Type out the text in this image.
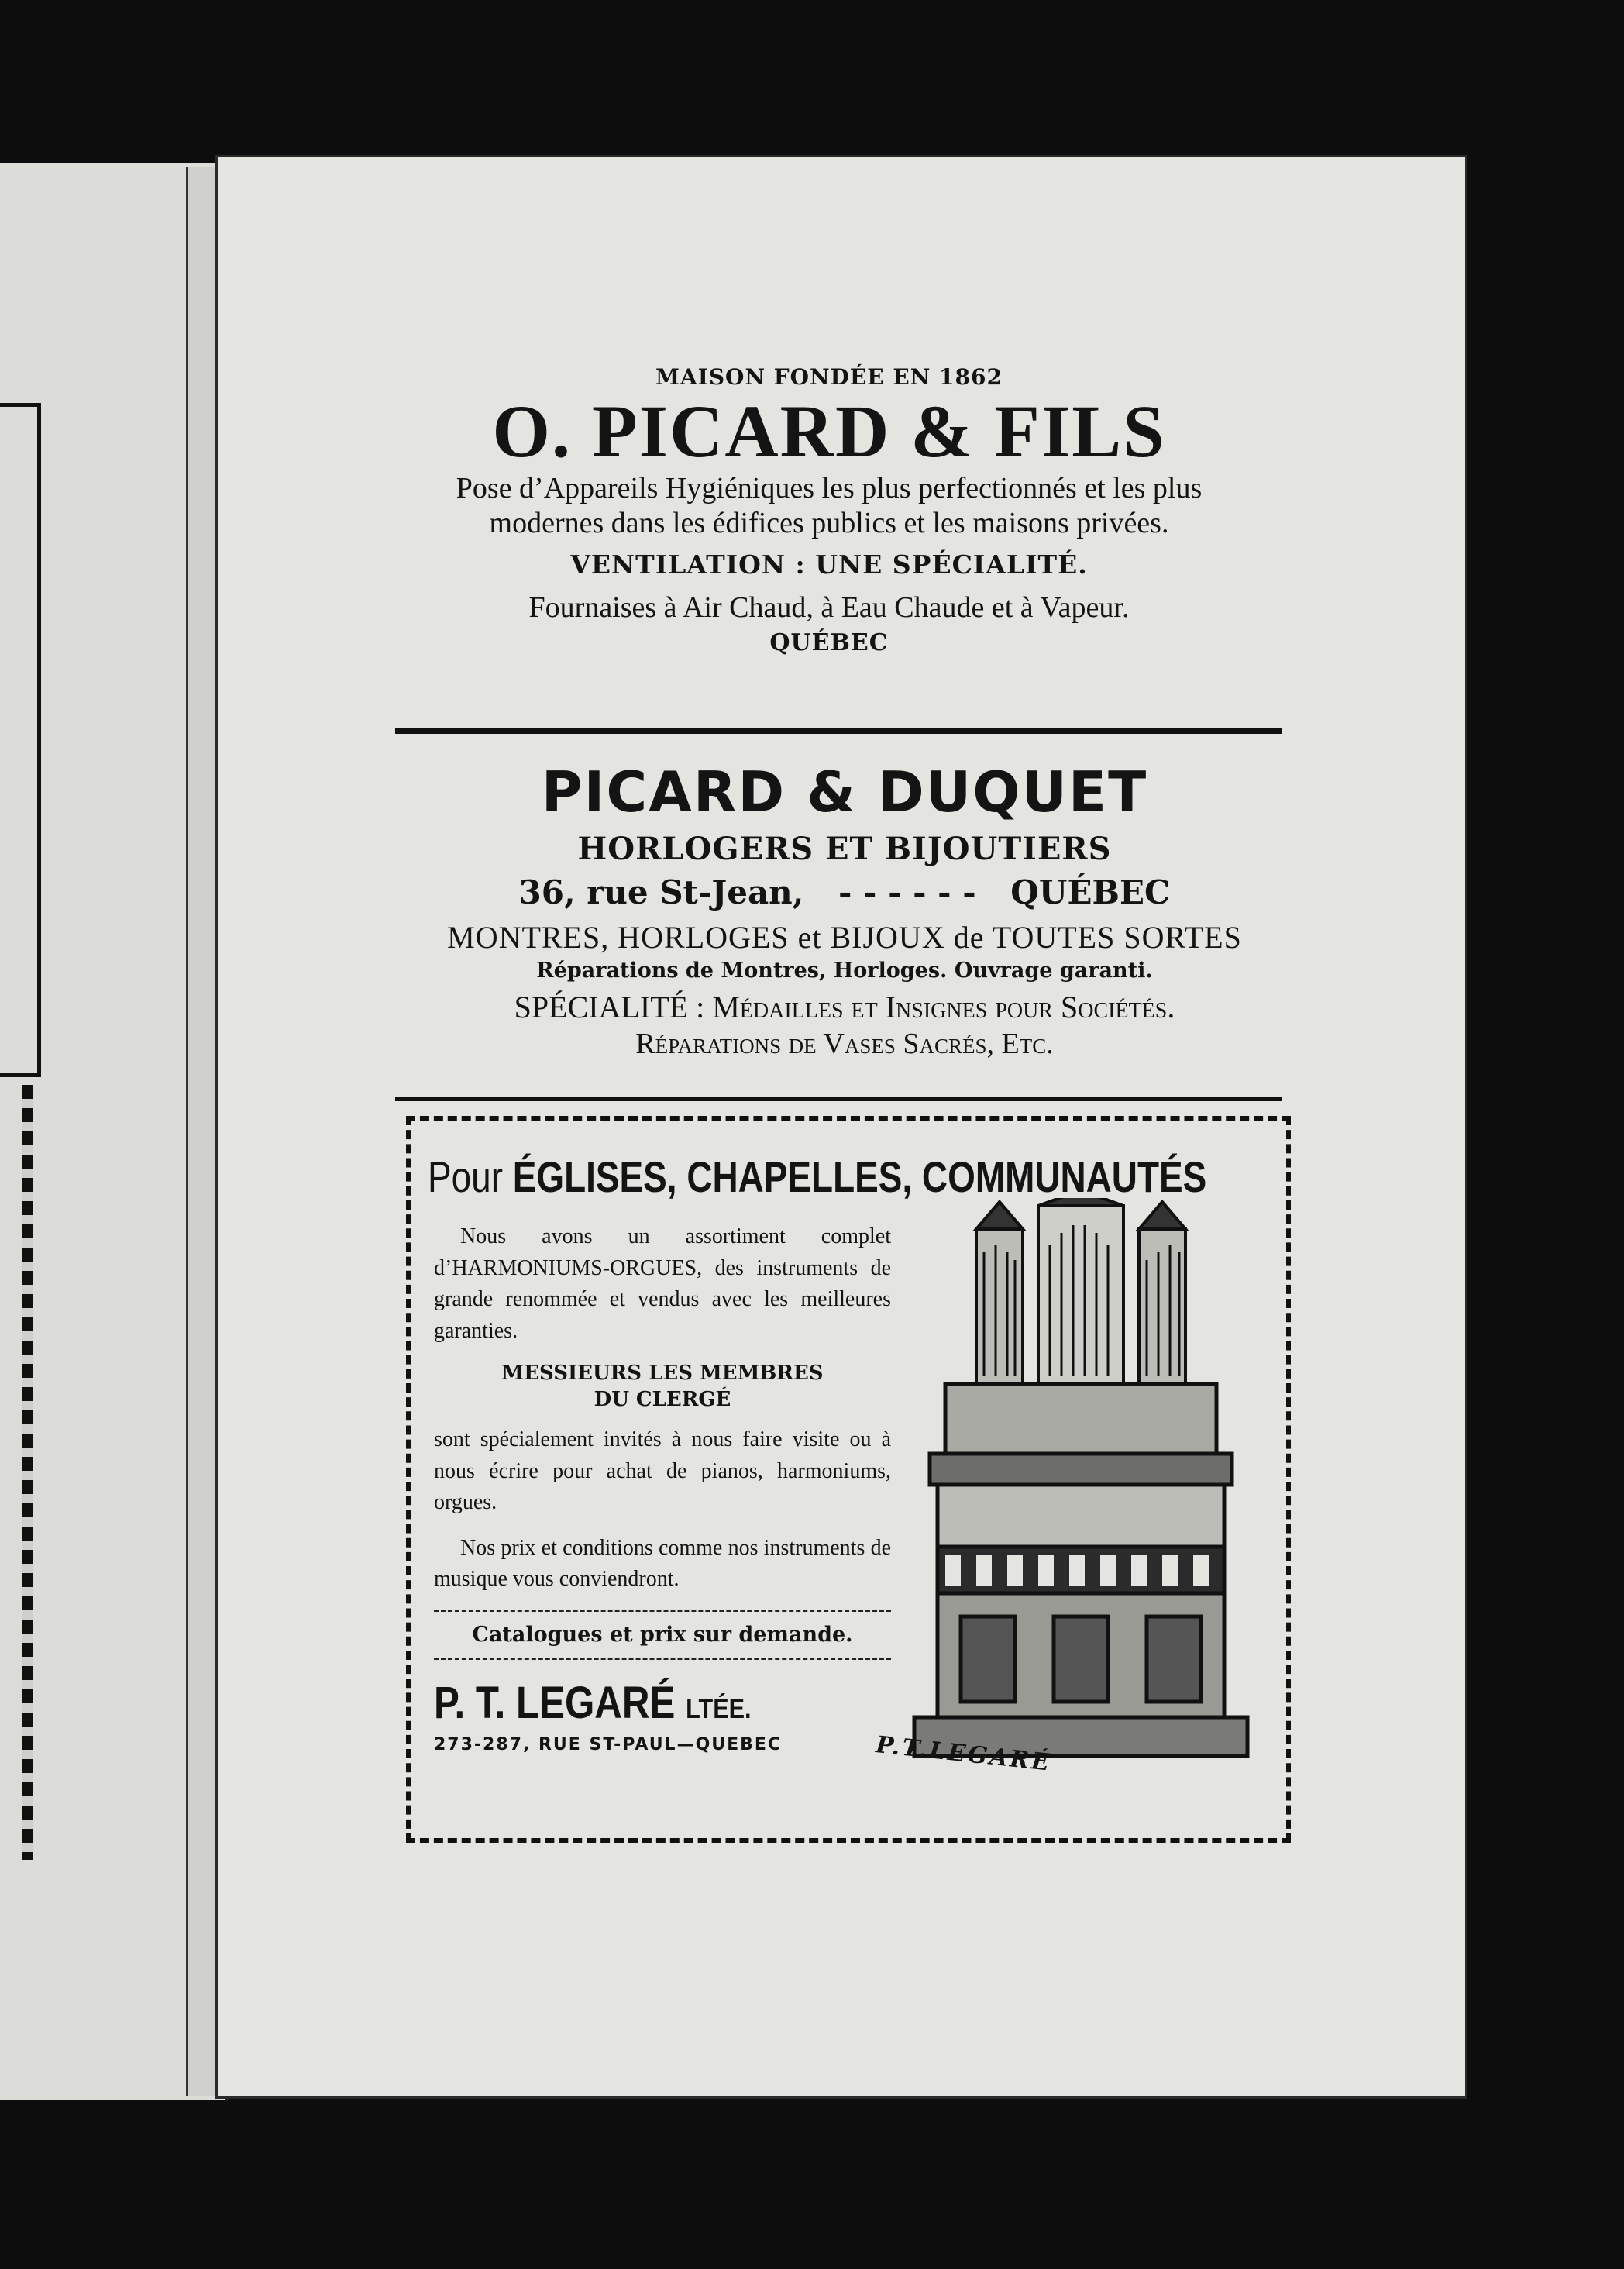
MAISON FONDÉE EN 1862
O. PICARD & FILS
Pose d’Appareils Hygiéniques les plus perfectionnés et les plus
modernes dans les édifices publics et les maisons privées.
VENTILATION : UNE SPÉCIALITÉ.
Fournaises à Air Chaud, à Eau Chaude et à Vapeur.
QUÉBEC
PICARD & DUQUET
HORLOGERS ET BIJOUTIERS
36, rue St-Jean, - - - - - - QUÉBEC
MONTRES, HORLOGES et BIJOUX de TOUTES SORTES
Réparations de Montres, Horloges. Ouvrage garanti.
SPÉCIALITÉ : Médailles et Insignes pour Sociétés.
Réparations de Vases Sacrés, Etc.
Pour ÉGLISES, CHAPELLES, COMMUNAUTÉS

Nous avons un assortiment complet d’HARMONIUMS-ORGUES, des instruments de grande renommée et vendus avec les meilleures garanties.

MESSIEURS LES MEMBRES
DU CLERGÉ

sont spécialement invités à nous faire visite ou à nous écrire pour achat de pianos, harmoniums, orgues.

Nos prix et conditions comme nos instruments de musique vous conviendront.

Catalogues et prix sur demande.
P. T. LEGARÉ LTÉE.
273-287, RUE ST-PAUL—QUEBEC	P.T.LEGARÉ
